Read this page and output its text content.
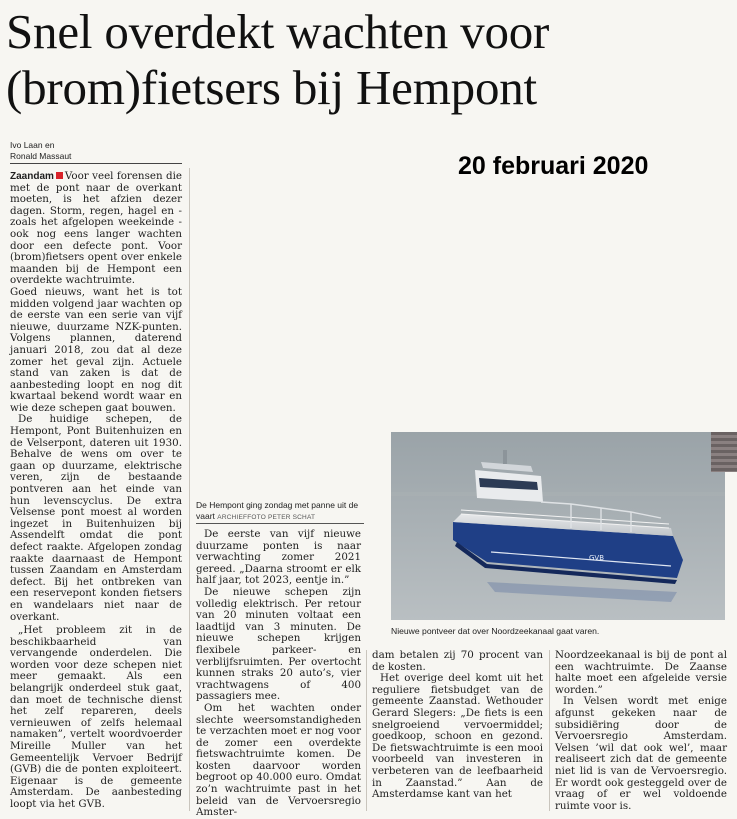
Snel overdekt wachten voor
(brom)fietsers bij Hempont
Ivo Laan en
Ronald Massaut	20 februari 2020

Zaandam Voor veel forensen die met de pont naar de overkant moeten, is het afzien dezer dagen. Storm, regen, hagel en - zoals het afgelopen weekeinde - ook nog eens langer wachten door een defecte pont. Voor (brom)fietsers opent over enkele maanden bij de Hempont een overdekte wachtruimte.

Goed nieuws, want het is tot midden volgend jaar wachten op de eerste van een serie van vijf nieuwe, duurzame NZK-punten. Volgens plannen, daterend januari 2018, zou dat al deze zomer het geval zijn. Actuele stand van zaken is dat de aanbesteding loopt en nog dit kwartaal bekend wordt waar en wie deze schepen gaat bouwen.

De huidige schepen, de Hempont, Pont Buitenhuizen en de Velserpont, dateren uit 1930. Behalve de wens om over te gaan op duurzame, elektrische veren, zijn de bestaande pontveren aan het einde van hun levenscyclus. De extra Velsense pont moest al worden ingezet in Buitenhuizen bij Assendelft omdat die pont defect raakte. Afgelopen zondag raakte daarnaast de Hempont tussen Zaandam en Amsterdam defect. Bij het ontbreken van een reservepont konden fietsers en wandelaars niet naar de overkant.

„Het probleem zit in de beschikbaarheid van vervangende onderdelen. Die worden voor deze schepen niet meer gemaakt. Als een belangrijk onderdeel stuk gaat, dan moet de technische dienst het zelf repareren, deels vernieuwen of zelfs helemaal namaken”, vertelt woordvoerder Mireille Muller van het Gemeentelijk Vervoer Bedrijf (GVB) die de ponten exploiteert. Eigenaar is de gemeente Amsterdam. De aanbesteding loopt via het GVB.

De Hempont ging zondag met panne uit de vaart ARCHIEFFOTO PETER SCHAT

De eerste van vijf nieuwe duurzame ponten is naar verwachting zomer 2021 gereed. „Daarna stroomt er elk half jaar, tot 2023, eentje in.”

De nieuwe schepen zijn volledig elektrisch. Per retour van 20 minuten voltaat een laadtijd van 3 minuten. De nieuwe schepen krijgen flexibele parkeer- en verblijfsruimten. Per overtocht kunnen straks 20 auto’s, vier vrachtwagens of 400 passagiers mee.

Om het wachten onder slechte weersomstandigheden te verzachten moet er nog voor de zomer een overdekte fietswachtruimte komen. De kosten daarvoor worden begroot op 40.000 euro. Omdat zo’n wachtruimte past in het beleid van de Vervoersregio Amster-

GVB
Nieuwe pontveer dat over Noordzeekanaal gaat varen.

dam betalen zij 70 procent van de kosten.

Het overige deel komt uit het reguliere fietsbudget van de gemeente Zaanstad. Wethouder Gerard Slegers: „De fiets is een snelgroeiend vervoermiddel; goedkoop, schoon en gezond. De fietswachtruimte is een mooi voorbeeld van investeren in verbeteren van de leefbaarheid in Zaanstad.” Aan de Amsterdamse kant van het

Noordzeekanaal is bij de pont al een wachtruimte. De Zaanse halte moet een afgeleide versie worden.”

In Velsen wordt met enige afgunst gekeken naar de subsidiëring door de Vervoersregio Amsterdam. Velsen ’wil dat ook wel’, maar realiseert zich dat de gemeente niet lid is van de Vervoersregio. Er wordt ook gesteggeld over de vraag of er wel voldoende ruimte voor is.
